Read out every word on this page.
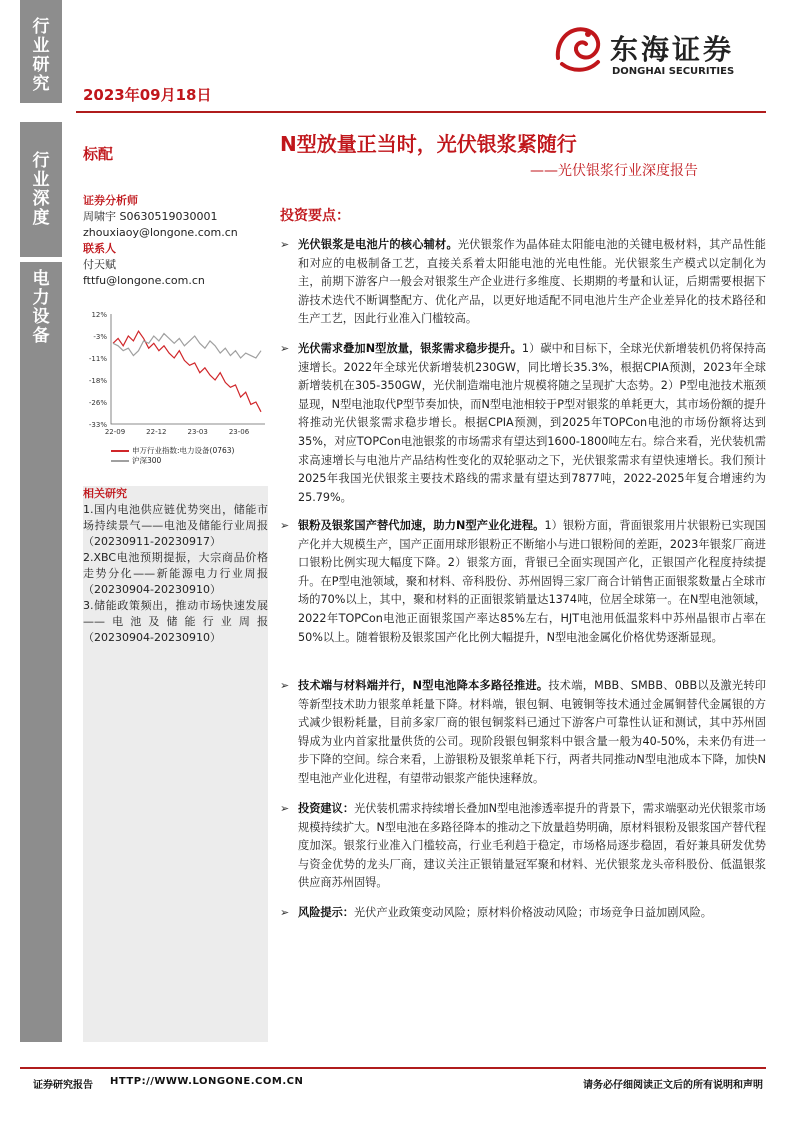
行业研究
行业深度
电力设备
2023年09月18日
东海证券
DONGHAI SECURITIES
标配	N型放量正当时，光伏银浆紧随行
——光伏银浆行业深度报告
证券分析师
周啸宇 S0630519030001
zhouxiaoy@longone.com.cn
联系人
付天赋
fttfu@longone.com.cn
12%
-3%
-11%
-18%
-26%
-33%
22-09	22-12	23-03	23-06
申万行业指数:电力设备(0763)
沪深300
相关研究
1.国内电池供应链优势突出，储能市场持续景气——电池及储能行业周报（20230911-20230917）
2.XBC电池预期提振，大宗商品价格走势分化——新能源电力行业周报（20230904-20230910）
3.储能政策频出，推动市场快速发展——电池及储能行业周报（20230904-20230910）
投资要点：
➢ 光伏银浆是电池片的核心辅材。光伏银浆作为晶体硅太阳能电池的关键电极材料，其产品性能和对应的电极制备工艺，直接关系着太阳能电池的光电性能。光伏银浆生产模式以定制化为主，前期下游客户一般会对银浆生产企业进行多维度、长期期的考量和认证，后期需要根据下游技术迭代不断调整配方、优化产品，以更好地适配不同电池片生产企业差异化的技术路径和生产工艺，因此行业准入门槛较高。
➢ 光伏需求叠加N型放量，银浆需求稳步提升。1）碳中和目标下，全球光伏新增装机仍将保持高速增长。2022年全球光伏新增装机230GW，同比增长35.3%，根据CPIA预测，2023年全球新增装机在305-350GW，光伏制造端电池片规模将随之呈现扩大态势。2）P型电池技术瓶颈显现，N型电池取代P型节奏加快，而N型电池相较于P型对银浆的单耗更大，其市场份额的提升将推动光伏银浆需求稳步增长。根据CPIA预测，到2025年TOPCon电池的市场份额将达到35%，对应TOPCon电池银浆的市场需求有望达到1600-1800吨左右。综合来看，光伏装机需求高速增长与电池片产品结构性变化的双轮驱动之下，光伏银浆需求有望快速增长。我们预计2025年我国光伏银浆主要技术路线的需求量有望达到7877吨，2022-2025年复合增速约为25.79%。
➢ 银粉及银浆国产替代加速，助力N型产业化进程。1）银粉方面，背面银浆用片状银粉已实现国产化并大规模生产，国产正面用球形银粉正不断缩小与进口银粉间的差距，2023年银浆厂商进口银粉比例实现大幅度下降。2）银浆方面，背银已全面实现国产化，正银国产化程度持续提升。在P型电池领域，聚和材料、帝科股份、苏州固锝三家厂商合计销售正面银浆数量占全球市场的70%以上，其中，聚和材料的正面银浆销量达1374吨，位居全球第一。在N型电池领域，2022年TOPCon电池正面银浆国产率达85%左右，HJT电池用低温浆料中苏州晶银市占率在50%以上。随着银粉及银浆国产化比例大幅提升，N型电池金属化价格优势逐渐显现。
➢ 技术端与材料端并行，N型电池降本多路径推进。技术端，MBB、SMBB、0BB以及激光转印等新型技术助力银浆单耗量下降。材料端，银包铜、电镀铜等技术通过金属铜替代金属银的方式减少银粉耗量，目前多家厂商的银包铜浆料已通过下游客户可靠性认证和测试，其中苏州固锝成为业内首家批量供货的公司。现阶段银包铜浆料中银含量一般为40-50%，未来仍有进一步下降的空间。综合来看，上游银粉及银浆单耗下行，两者共同推动N型电池成本下降，加快N型电池产业化进程，有望带动银浆产能快速释放。
➢ 投资建议：光伏装机需求持续增长叠加N型电池渗透率提升的背景下，需求端驱动光伏银浆市场规模持续扩大。N型电池在多路径降本的推动之下放量趋势明确，原材料银粉及银浆国产替代程度加深。银浆行业准入门槛较高，行业毛利趋于稳定，市场格局逐步稳固，看好兼具研发优势与资金优势的龙头厂商，建议关注正银销量冠军聚和材料、光伏银浆龙头帝科股份、低温银浆供应商苏州固锝。
➢ 风险提示：光伏产业政策变动风险；原材料价格波动风险；市场竞争日益加剧风险。
证券研究报告 HTTP://WWW.LONGONE.COM.CN	请务必仔细阅读正文后的所有说明和声明
